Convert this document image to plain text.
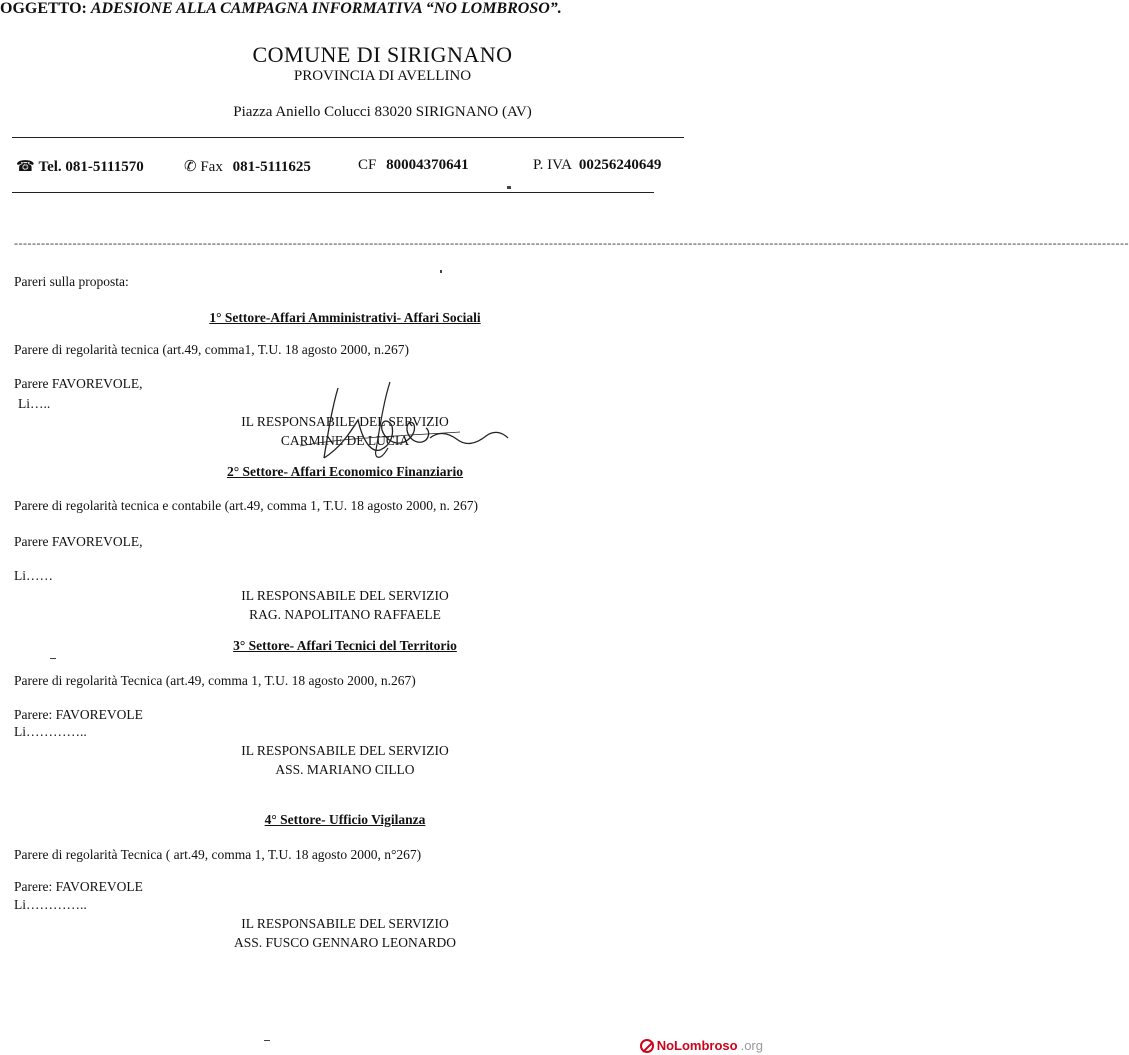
COMUNE DI SIRIGNANO
PROVINCIA DI AVELLINO
Piazza Aniello Colucci 83020 SIRIGNANO (AV)
☎ Tel. 081-5111570	✆ Fax 081-5111625	CF 80004370641	P. IVA 00256240649
OGGETTO: ADESIONE ALLA CAMPAGNA INFORMATIVA “NO LOMBROSO”.
--------------------------------------------------------------------------------------------------------------------------------------------------------------------------------------------------------------------------------------------------------
Pareri sulla proposta:
1° Settore-Affari Amministrativi- Affari Sociali
Parere di regolarità tecnica (art.49, comma1, T.U. 18 agosto 2000, n.267)
Parere FAVOREVOLE,
Li…..
IL RESPONSABILE DEL SERVIZIO
CARMINE DE LUCIA
2° Settore- Affari Economico Finanziario
Parere di regolarità tecnica e contabile (art.49, comma 1, T.U. 18 agosto 2000, n. 267)
Parere FAVOREVOLE,
Li……
IL RESPONSABILE DEL SERVIZIO
RAG. NAPOLITANO RAFFAELE
3° Settore- Affari Tecnici del Territorio
Parere di regolarità Tecnica (art.49, comma 1, T.U. 18 agosto 2000, n.267)
Parere: FAVOREVOLE
Li…………..
IL RESPONSABILE DEL SERVIZIO
ASS. MARIANO CILLO
4° Settore- Ufficio Vigilanza
Parere di regolarità Tecnica ( art.49, comma 1, T.U. 18 agosto 2000, n°267)
Parere: FAVOREVOLE
Li…………..
IL RESPONSABILE DEL SERVIZIO
ASS. FUSCO GENNARO LEONARDO
NoLombroso .org
